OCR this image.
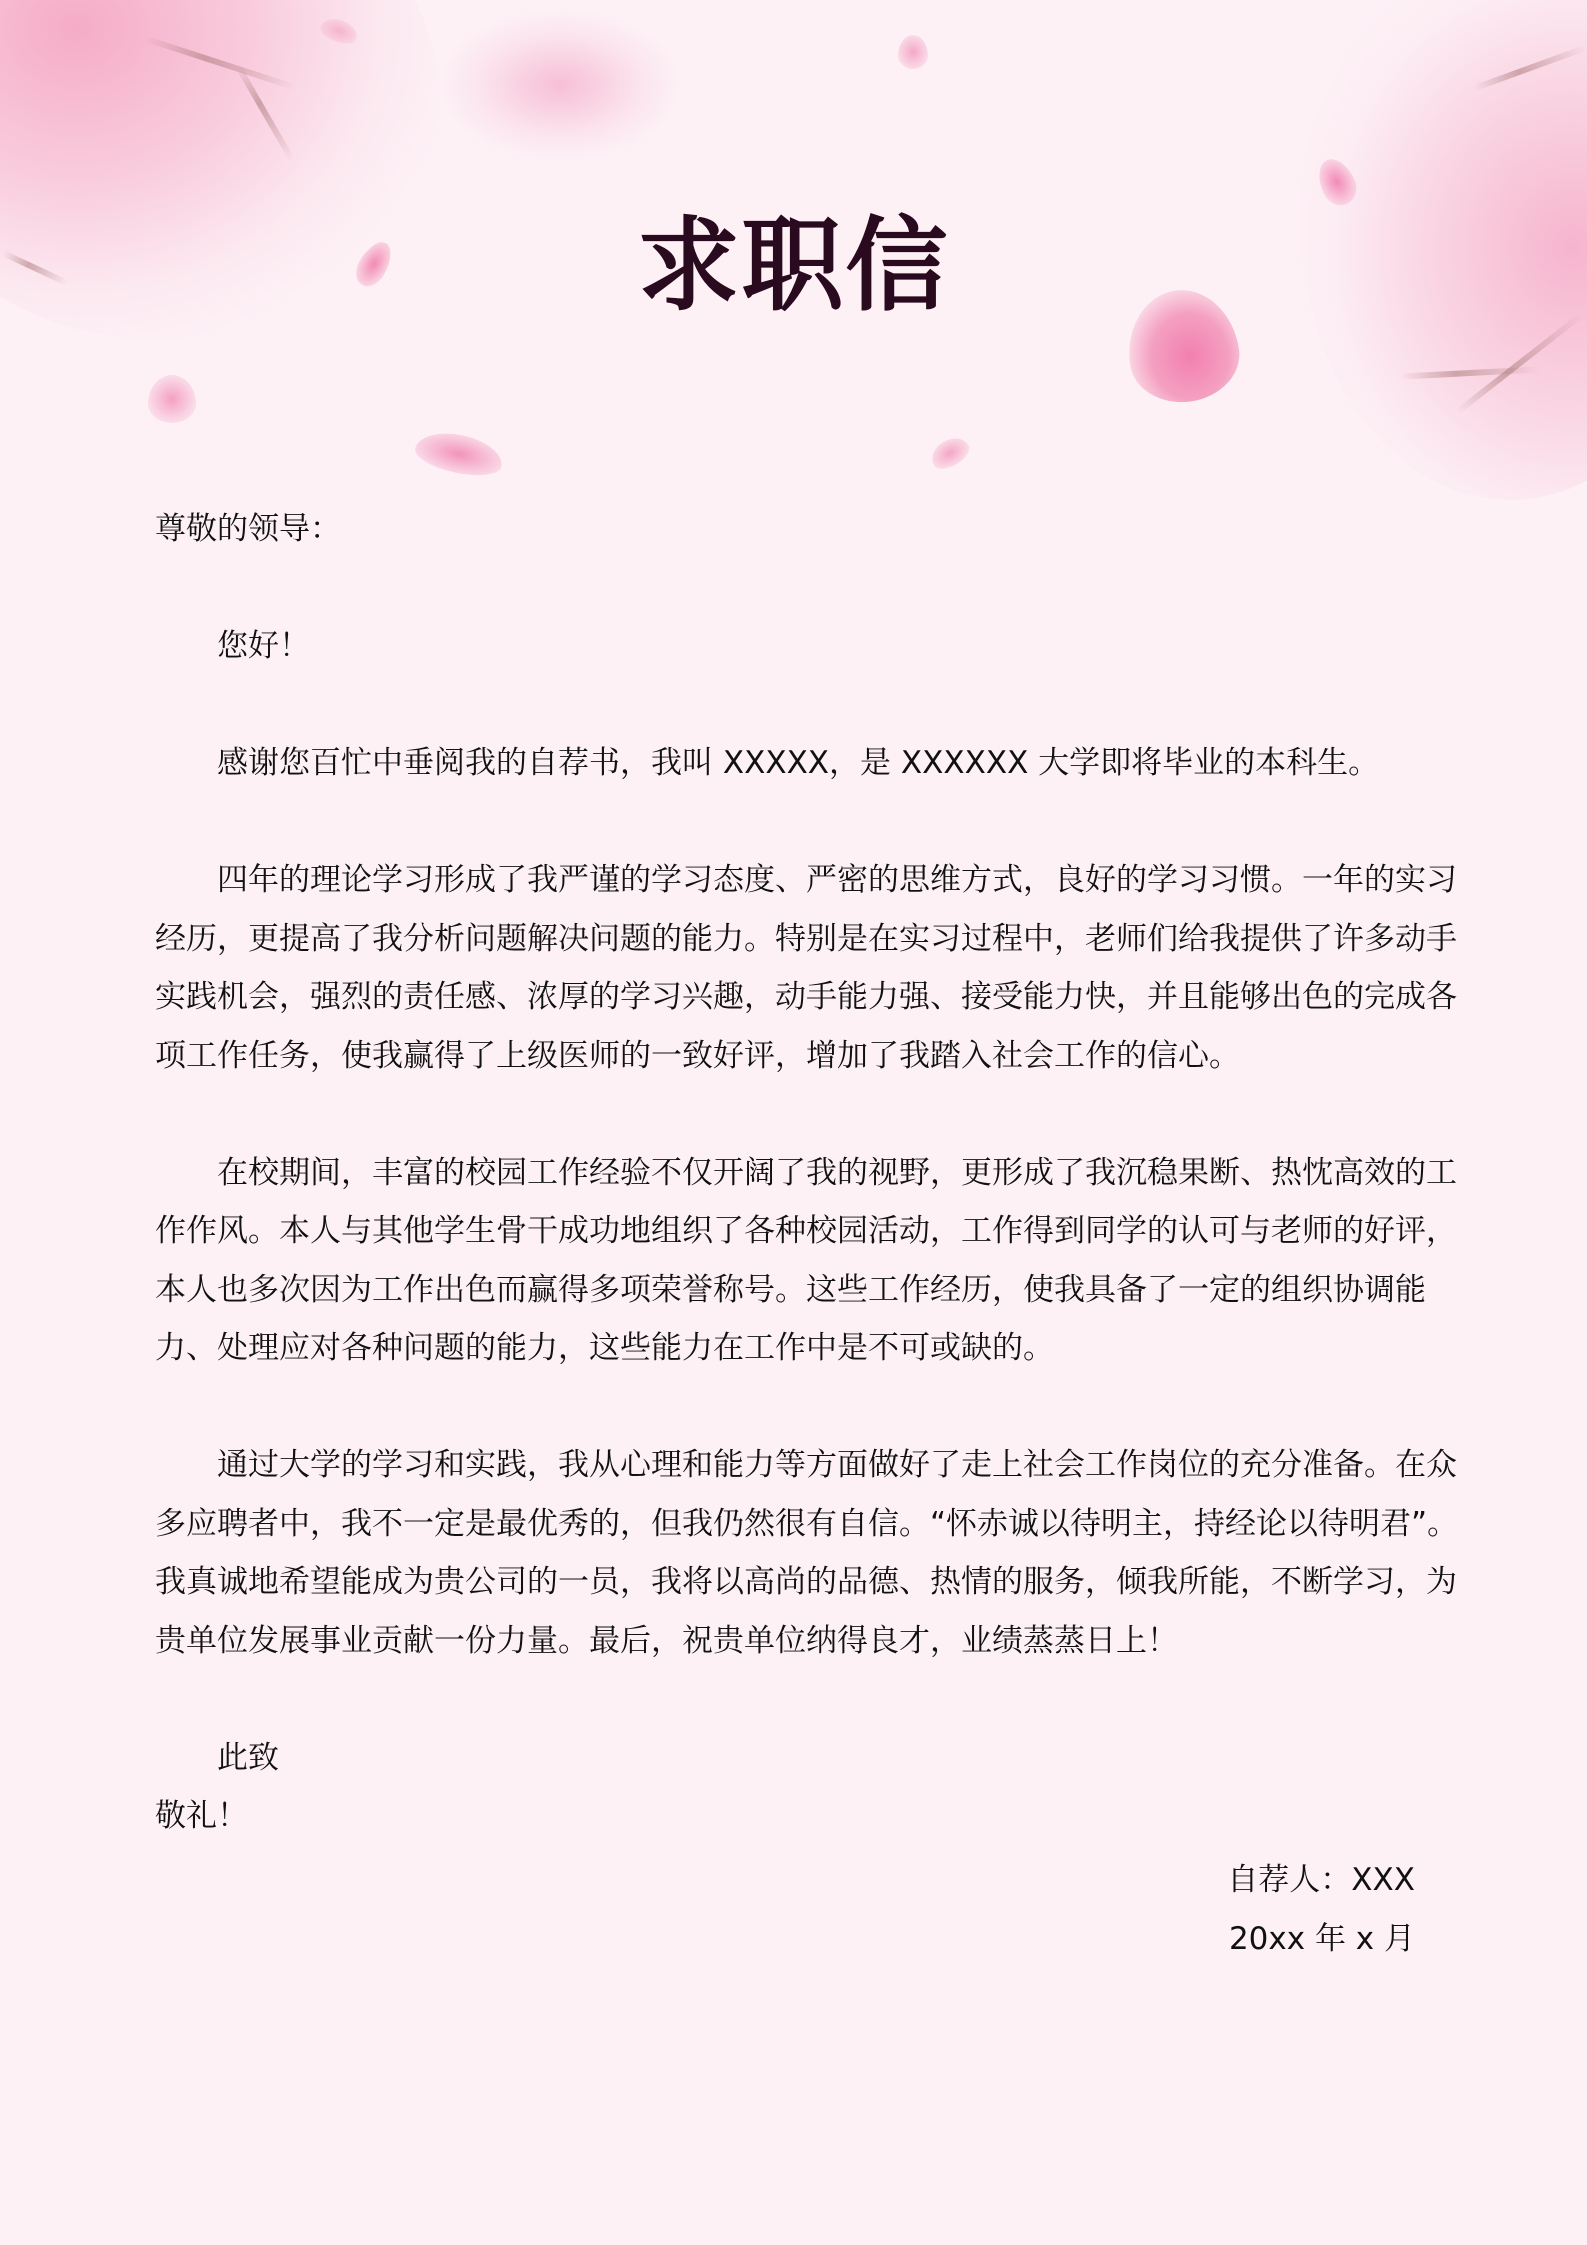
求职信

尊敬的领导：

您好！

感谢您百忙中垂阅我的自荐书，我叫 XXXXX，是 XXXXXX 大学即将毕业的本科生。

四年的理论学习形成了我严谨的学习态度、严密的思维方式，良好的学习习惯。一年的实习经历，更提高了我分析问题解决问题的能力。特别是在实习过程中，老师们给我提供了许多动手实践机会，强烈的责任感、浓厚的学习兴趣，动手能力强、接受能力快，并且能够出色的完成各项工作任务，使我赢得了上级医师的一致好评，增加了我踏入社会工作的信心。

在校期间，丰富的校园工作经验不仅开阔了我的视野，更形成了我沉稳果断、热忱高效的工作作风。本人与其他学生骨干成功地组织了各种校园活动，工作得到同学的认可与老师的好评，本人也多次因为工作出色而赢得多项荣誉称号。这些工作经历，使我具备了一定的组织协调能力、处理应对各种问题的能力，这些能力在工作中是不可或缺的。

通过大学的学习和实践，我从心理和能力等方面做好了走上社会工作岗位的充分准备。在众多应聘者中，我不一定是最优秀的，但我仍然很有自信。“怀赤诚以待明主，持经论以待明君”。我真诚地希望能成为贵公司的一员，我将以高尚的品德、热情的服务，倾我所能，不断学习，为贵单位发展事业贡献一份力量。最后，祝贵单位纳得良才，业绩蒸蒸日上！

此致

敬礼！

自荐人：XXX
20xx 年 x 月
